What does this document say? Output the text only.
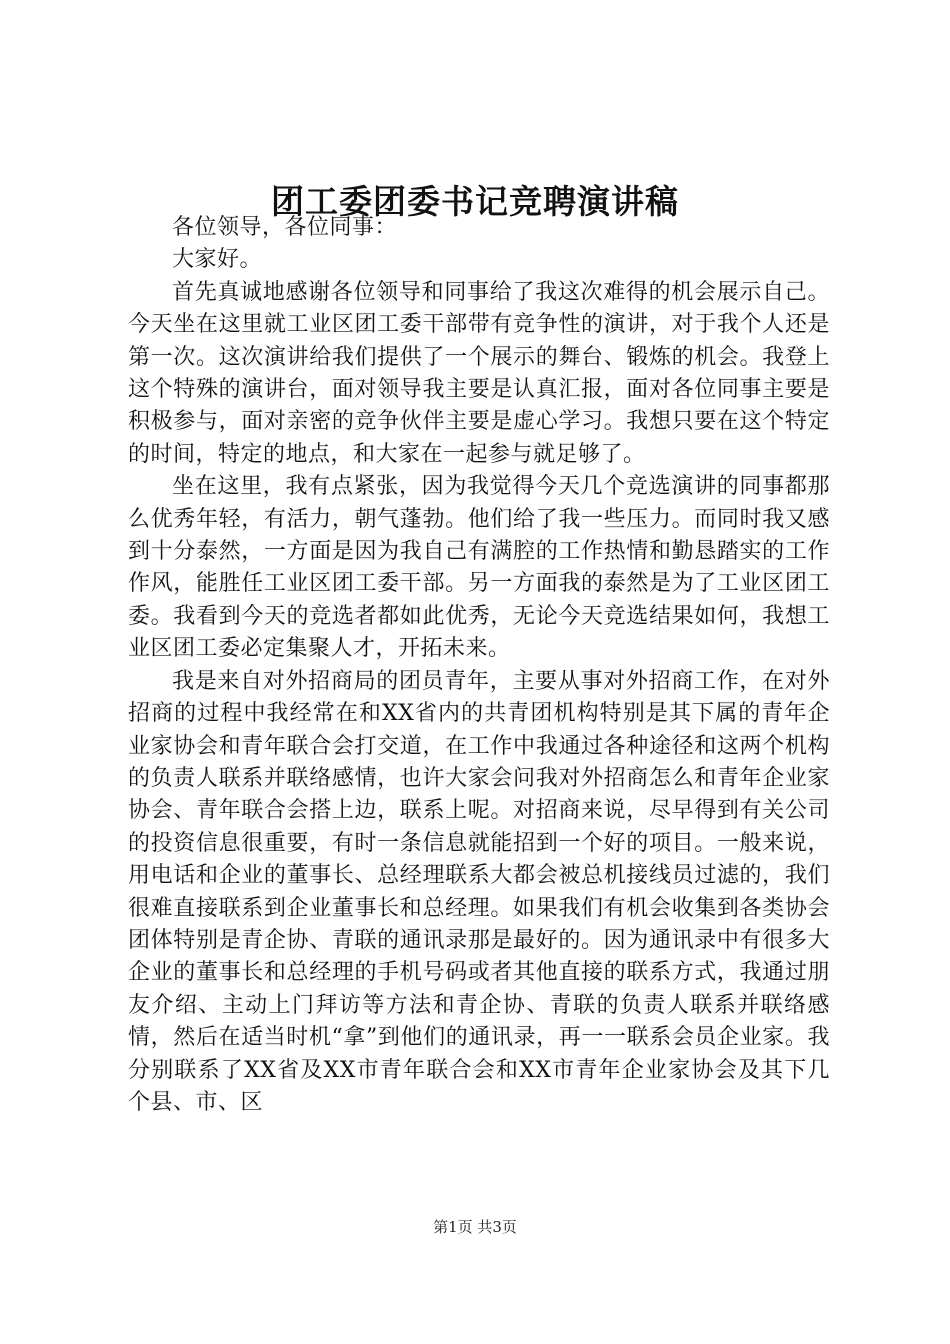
团工委团委书记竞聘演讲稿

各位领导，各位同事：

大家好。

首先真诚地感谢各位领导和同事给了我这次难得的机会展示自己。今天坐在这里就工业区团工委干部带有竞争性的演讲，对于我个人还是第一次。这次演讲给我们提供了一个展示的舞台、锻炼的机会。我登上这个特殊的演讲台，面对领导我主要是认真汇报，面对各位同事主要是积极参与，面对亲密的竞争伙伴主要是虚心学习。我想只要在这个特定的时间，特定的地点，和大家在一起参与就足够了。

坐在这里，我有点紧张，因为我觉得今天几个竞选演讲的同事都那么优秀年轻，有活力，朝气蓬勃。他们给了我一些压力。而同时我又感到十分泰然，一方面是因为我自己有满腔的工作热情和勤恳踏实的工作作风，能胜任工业区团工委干部。另一方面我的泰然是为了工业区团工委。我看到今天的竞选者都如此优秀，无论今天竞选结果如何，我想工业区团工委必定集聚人才，开拓未来。

我是来自对外招商局的团员青年，主要从事对外招商工作，在对外招商的过程中我经常在和XX省内的共青团机构特别是其下属的青年企业家协会和青年联合会打交道，在工作中我通过各种途径和这两个机构的负责人联系并联络感情，也许大家会问我对外招商怎么和青年企业家协会、青年联合会搭上边，联系上呢。对招商来说，尽早得到有关公司的投资信息很重要，有时一条信息就能招到一个好的项目。一般来说，用电话和企业的董事长、总经理联系大都会被总机接线员过滤的，我们很难直接联系到企业董事长和总经理。如果我们有机会收集到各类协会团体特别是青企协、青联的通讯录那是最好的。因为通讯录中有很多大企业的董事长和总经理的手机号码或者其他直接的联系方式，我通过朋友介绍、主动上门拜访等方法和青企协、青联的负责人联系并联络感情，然后在适当时机“拿”到他们的通讯录，再一一联系会员企业家。我分别联系了XX省及XX市青年联合会和XX市青年企业家协会及其下几个县、市、区

第1页 共3页
